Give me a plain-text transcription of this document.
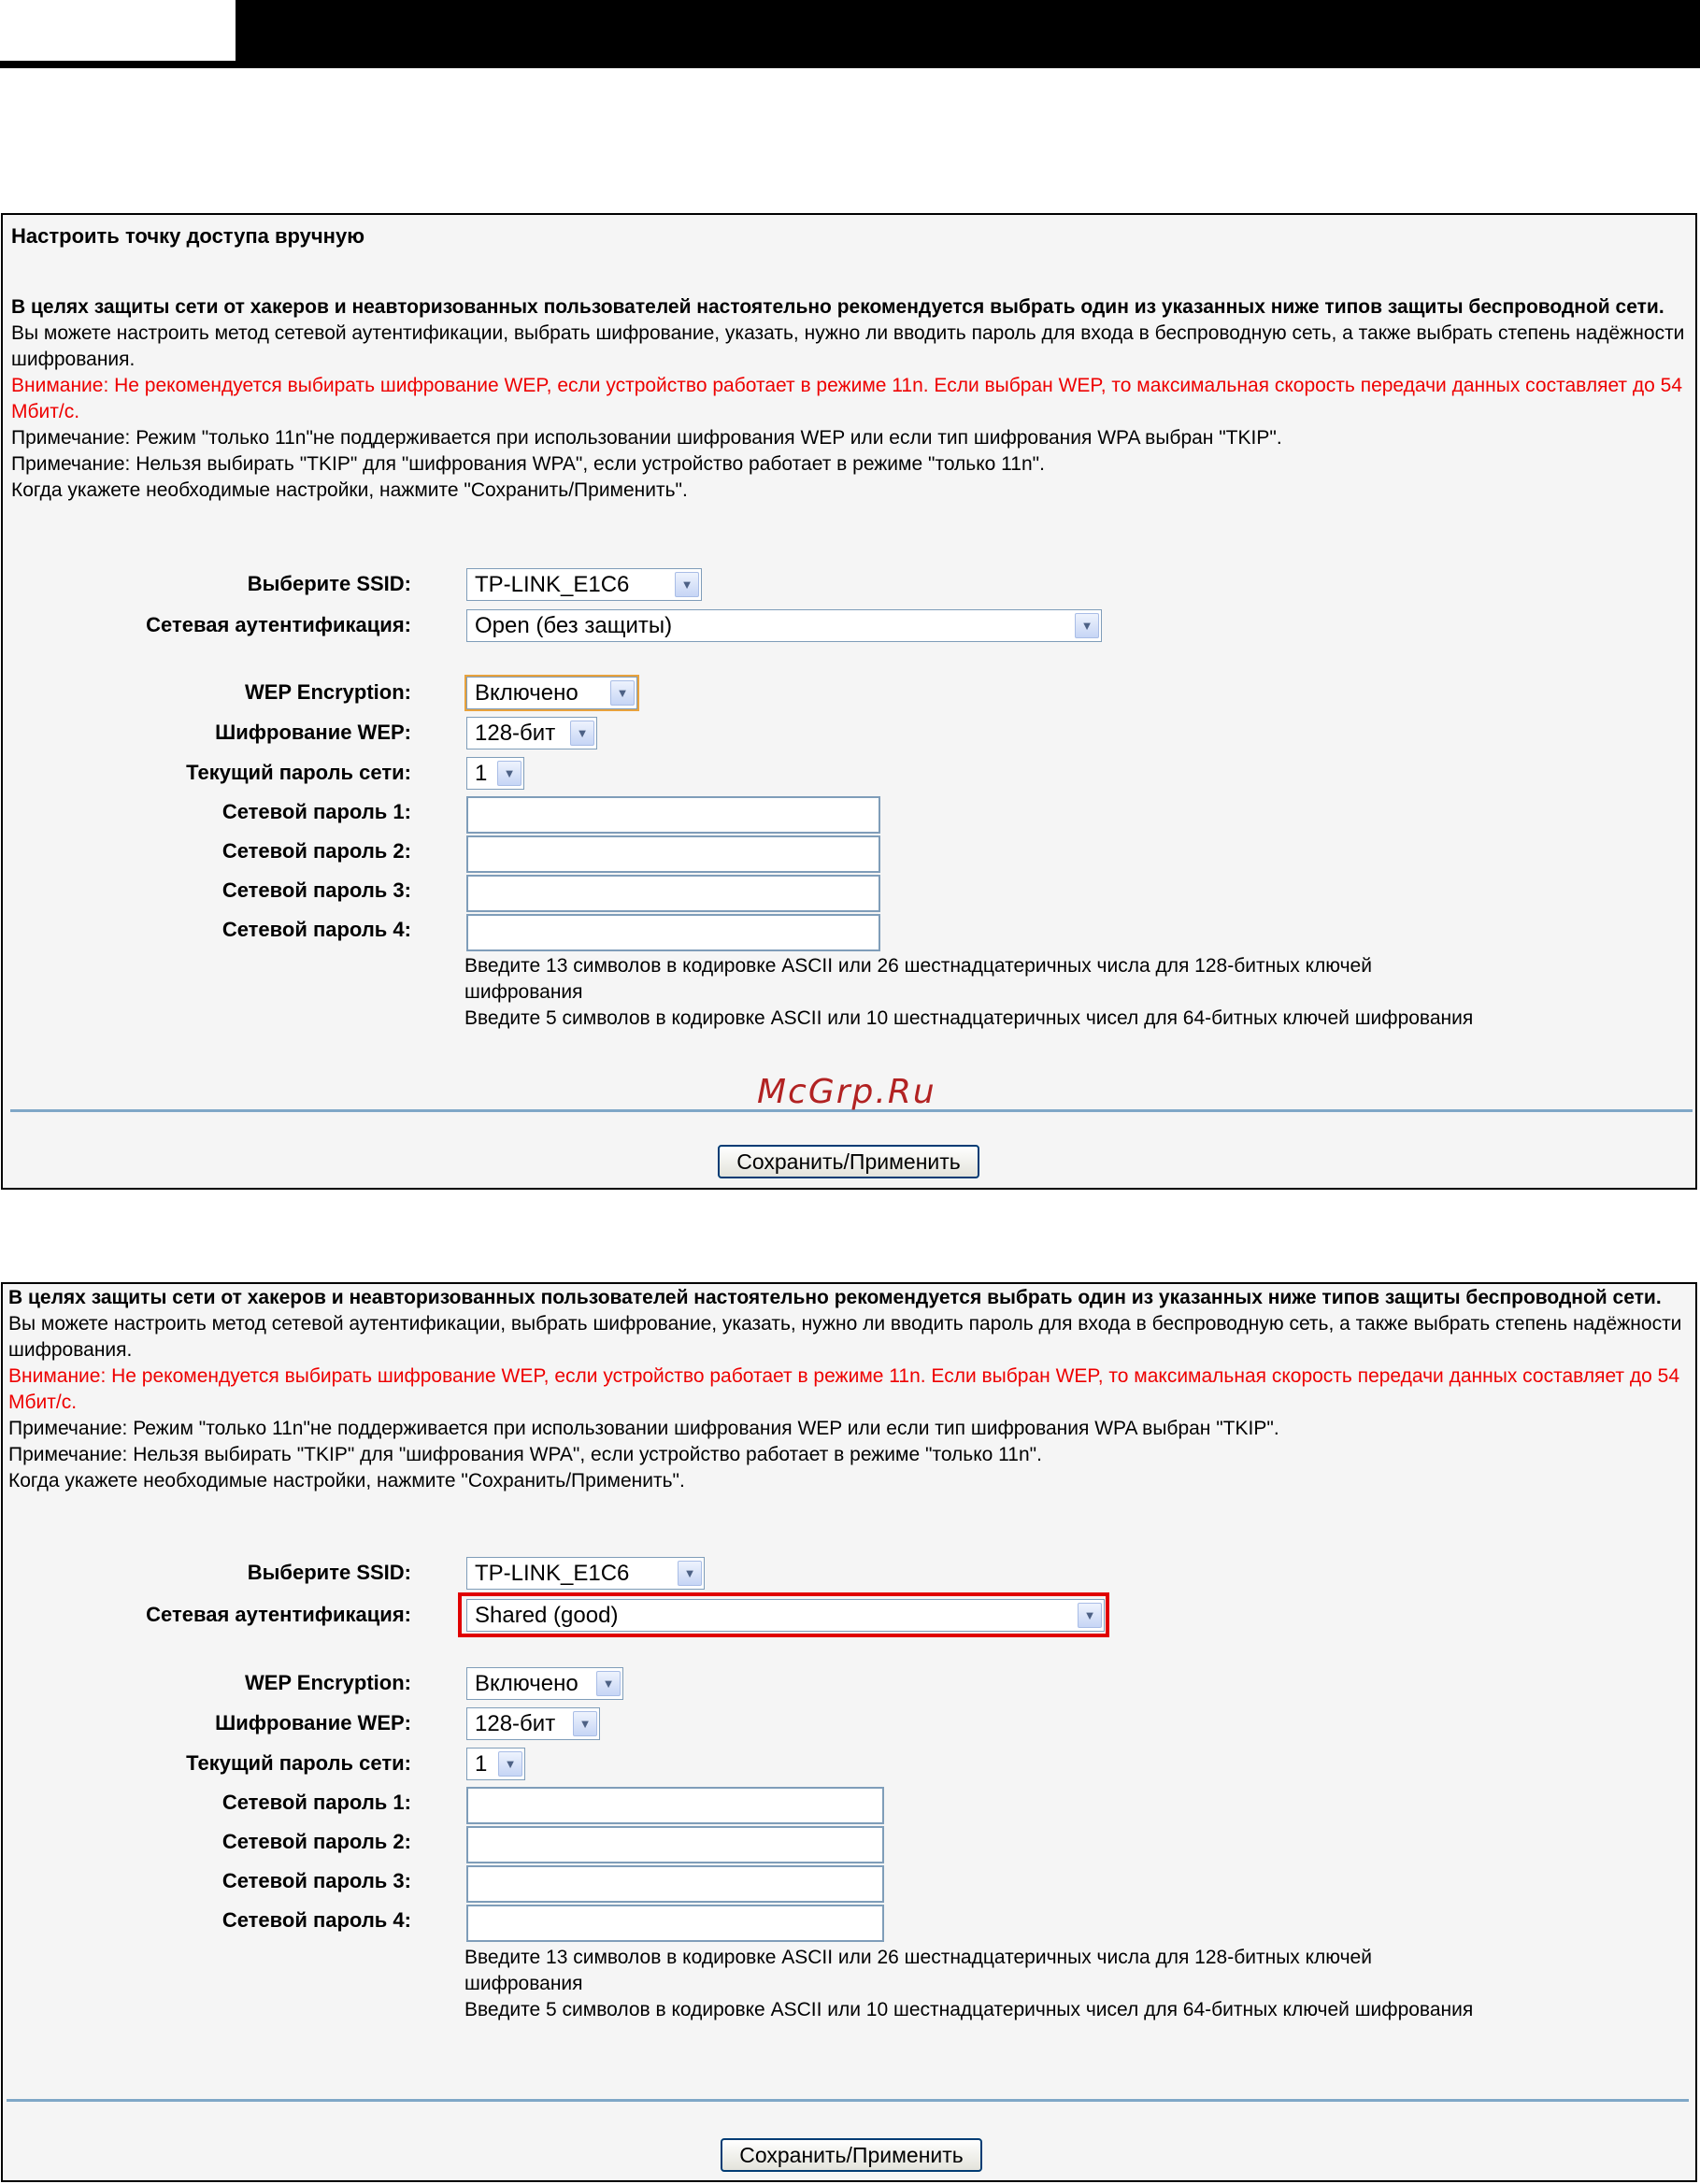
Настроить точку доступа вручную

В целях защиты сети от хакеров и неавторизованных пользователей настоятельно рекомендуется выбрать один из указанных ниже типов защиты беспроводной сети.

Вы можете настроить метод сетевой аутентификации, выбрать шифрование, указать, нужно ли вводить пароль для входа в беспроводную сеть, а также выбрать степень надёжности шифрования.

Внимание: Не рекомендуется выбирать шифрование WEP, если устройство работает в режиме 11n. Если выбран WEP, то максимальная скорость передачи данных составляет до 54 Мбит/с.

Примечание: Режим "только 11n"не поддерживается при использовании шифрования WEP или если тип шифрования WPA выбран "TKIP".

Примечание: Нельзя выбирать "TKIP" для "шифрования WPA", если устройство работает в режиме "только 11n".

Когда укажете необходимые настройки, нажмите "Сохранить/Применить".

Выберите SSID:	TP-LINK_E1C6	▼
Сетевая аутентификация:	Open (без защиты)	▼
WEP Encryption:	Включено	▼
Шифрование WEP:	128-бит	▼
Текущий пароль сети:	1	▼
Сетевой пароль 1:
Сетевой пароль 2:
Сетевой пароль 3:
Сетевой пароль 4:

Введите 13 символов в кодировке ASCII или 26 шестнадцатеричных числа для 128-битных ключей шифрования

Введите 5 символов в кодировке ASCII или 10 шестнадцатеричных чисел для 64-битных ключей шифрования

Сохранить/Применить
McGrp.Ru

В целях защиты сети от хакеров и неавторизованных пользователей настоятельно рекомендуется выбрать один из указанных ниже типов защиты беспроводной сети.

Вы можете настроить метод сетевой аутентификации, выбрать шифрование, указать, нужно ли вводить пароль для входа в беспроводную сеть, а также выбрать степень надёжности шифрования.

Внимание: Не рекомендуется выбирать шифрование WEP, если устройство работает в режиме 11n. Если выбран WEP, то максимальная скорость передачи данных составляет до 54 Мбит/с.

Примечание: Режим "только 11n"не поддерживается при использовании шифрования WEP или если тип шифрования WPA выбран "TKIP".

Примечание: Нельзя выбирать "TKIP" для "шифрования WPA", если устройство работает в режиме "только 11n".

Когда укажете необходимые настройки, нажмите "Сохранить/Применить".

Выберите SSID:	TP-LINK_E1C6	▼
Сетевая аутентификация:	Shared (good)	▼
WEP Encryption:	Включено	▼
Шифрование WEP:	128-бит	▼
Текущий пароль сети:	1	▼
Сетевой пароль 1:
Сетевой пароль 2:
Сетевой пароль 3:
Сетевой пароль 4:

Введите 13 символов в кодировке ASCII или 26 шестнадцатеричных числа для 128-битных ключей шифрования

Введите 5 символов в кодировке ASCII или 10 шестнадцатеричных чисел для 64-битных ключей шифрования

Сохранить/Применить
